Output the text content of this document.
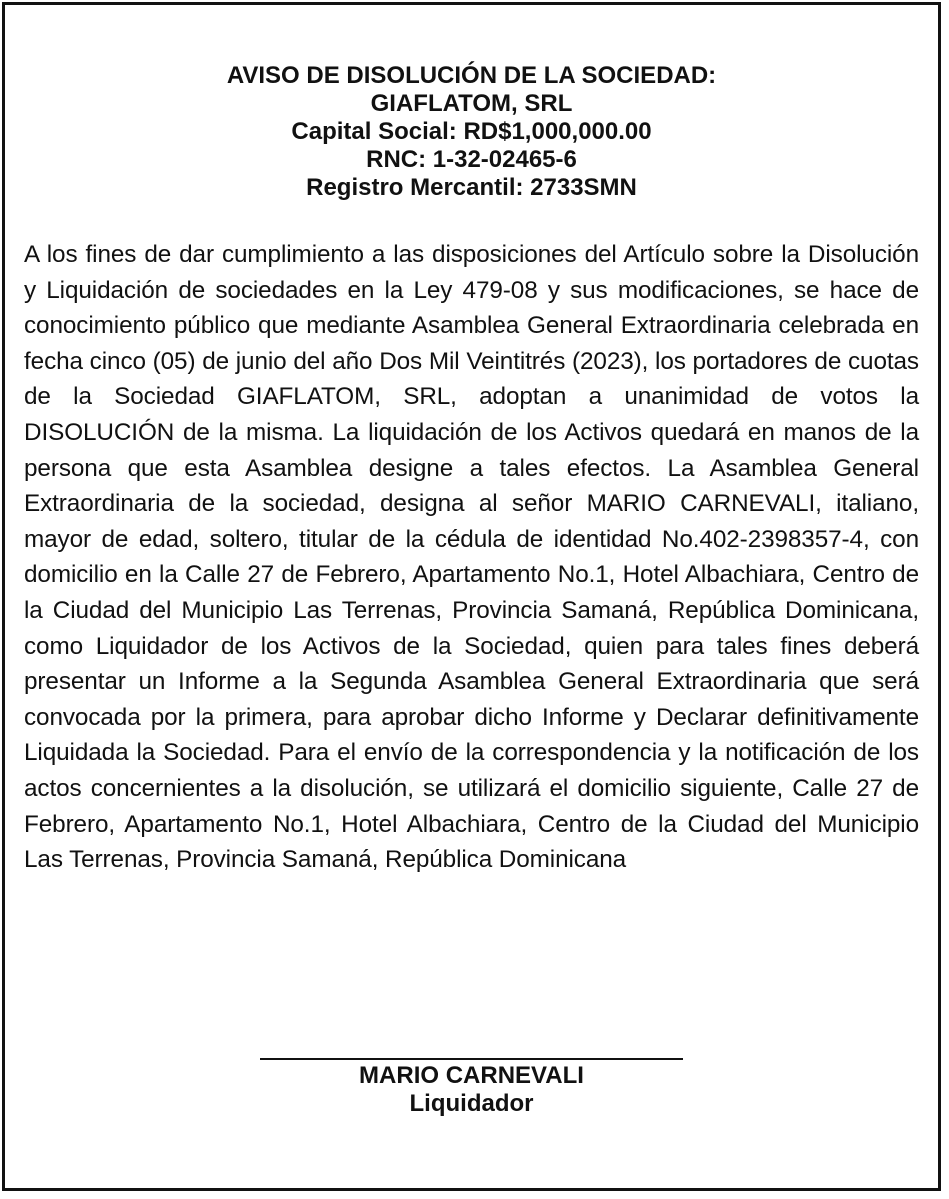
AVISO DE DISOLUCIÓN DE LA SOCIEDAD:
GIAFLATOM, SRL
Capital Social: RD$1,000,000.00
RNC: 1-32-02465-6
Registro Mercantil: 2733SMN
A los fines de dar cumplimiento a las disposiciones del Artículo sobre la Disolución y Liquidación de sociedades en la Ley 479-08 y sus modificaciones, se hace de conocimiento público que mediante Asamblea General Extraordinaria celebrada en fecha cinco (05) de junio del año Dos Mil Veintitrés (2023), los portadores de cuotas de la Sociedad GIAFLATOM, SRL, adoptan a unanimidad de votos la DISOLUCIÓN de la misma. La liquidación de los Activos quedará en manos de la persona que esta Asamblea designe a tales efectos. La Asamblea General Extraordinaria de la sociedad, designa al señor MARIO CARNEVALI, italiano, mayor de edad, soltero, titular de la cédula de identidad No.402-2398357-4, con domicilio en la Calle 27 de Febrero, Apartamento No.1, Hotel Albachiara, Centro de la Ciudad del Municipio Las Terrenas, Provincia Samaná, República Dominicana, como Liquidador de los Activos de la Sociedad, quien para tales fines deberá presentar un Informe a la Segunda Asamblea General Extraordinaria que será convocada por la primera, para aprobar dicho Informe y Declarar definitivamente Liquidada la Sociedad. Para el envío de la correspondencia y la notificación de los actos concernientes a la disolución, se utilizará el domicilio siguiente, Calle 27 de Febrero, Apartamento No.1, Hotel Albachiara, Centro de la Ciudad del Municipio Las Terrenas, Provincia Samaná, República Dominicana
MARIO CARNEVALI
Liquidador
